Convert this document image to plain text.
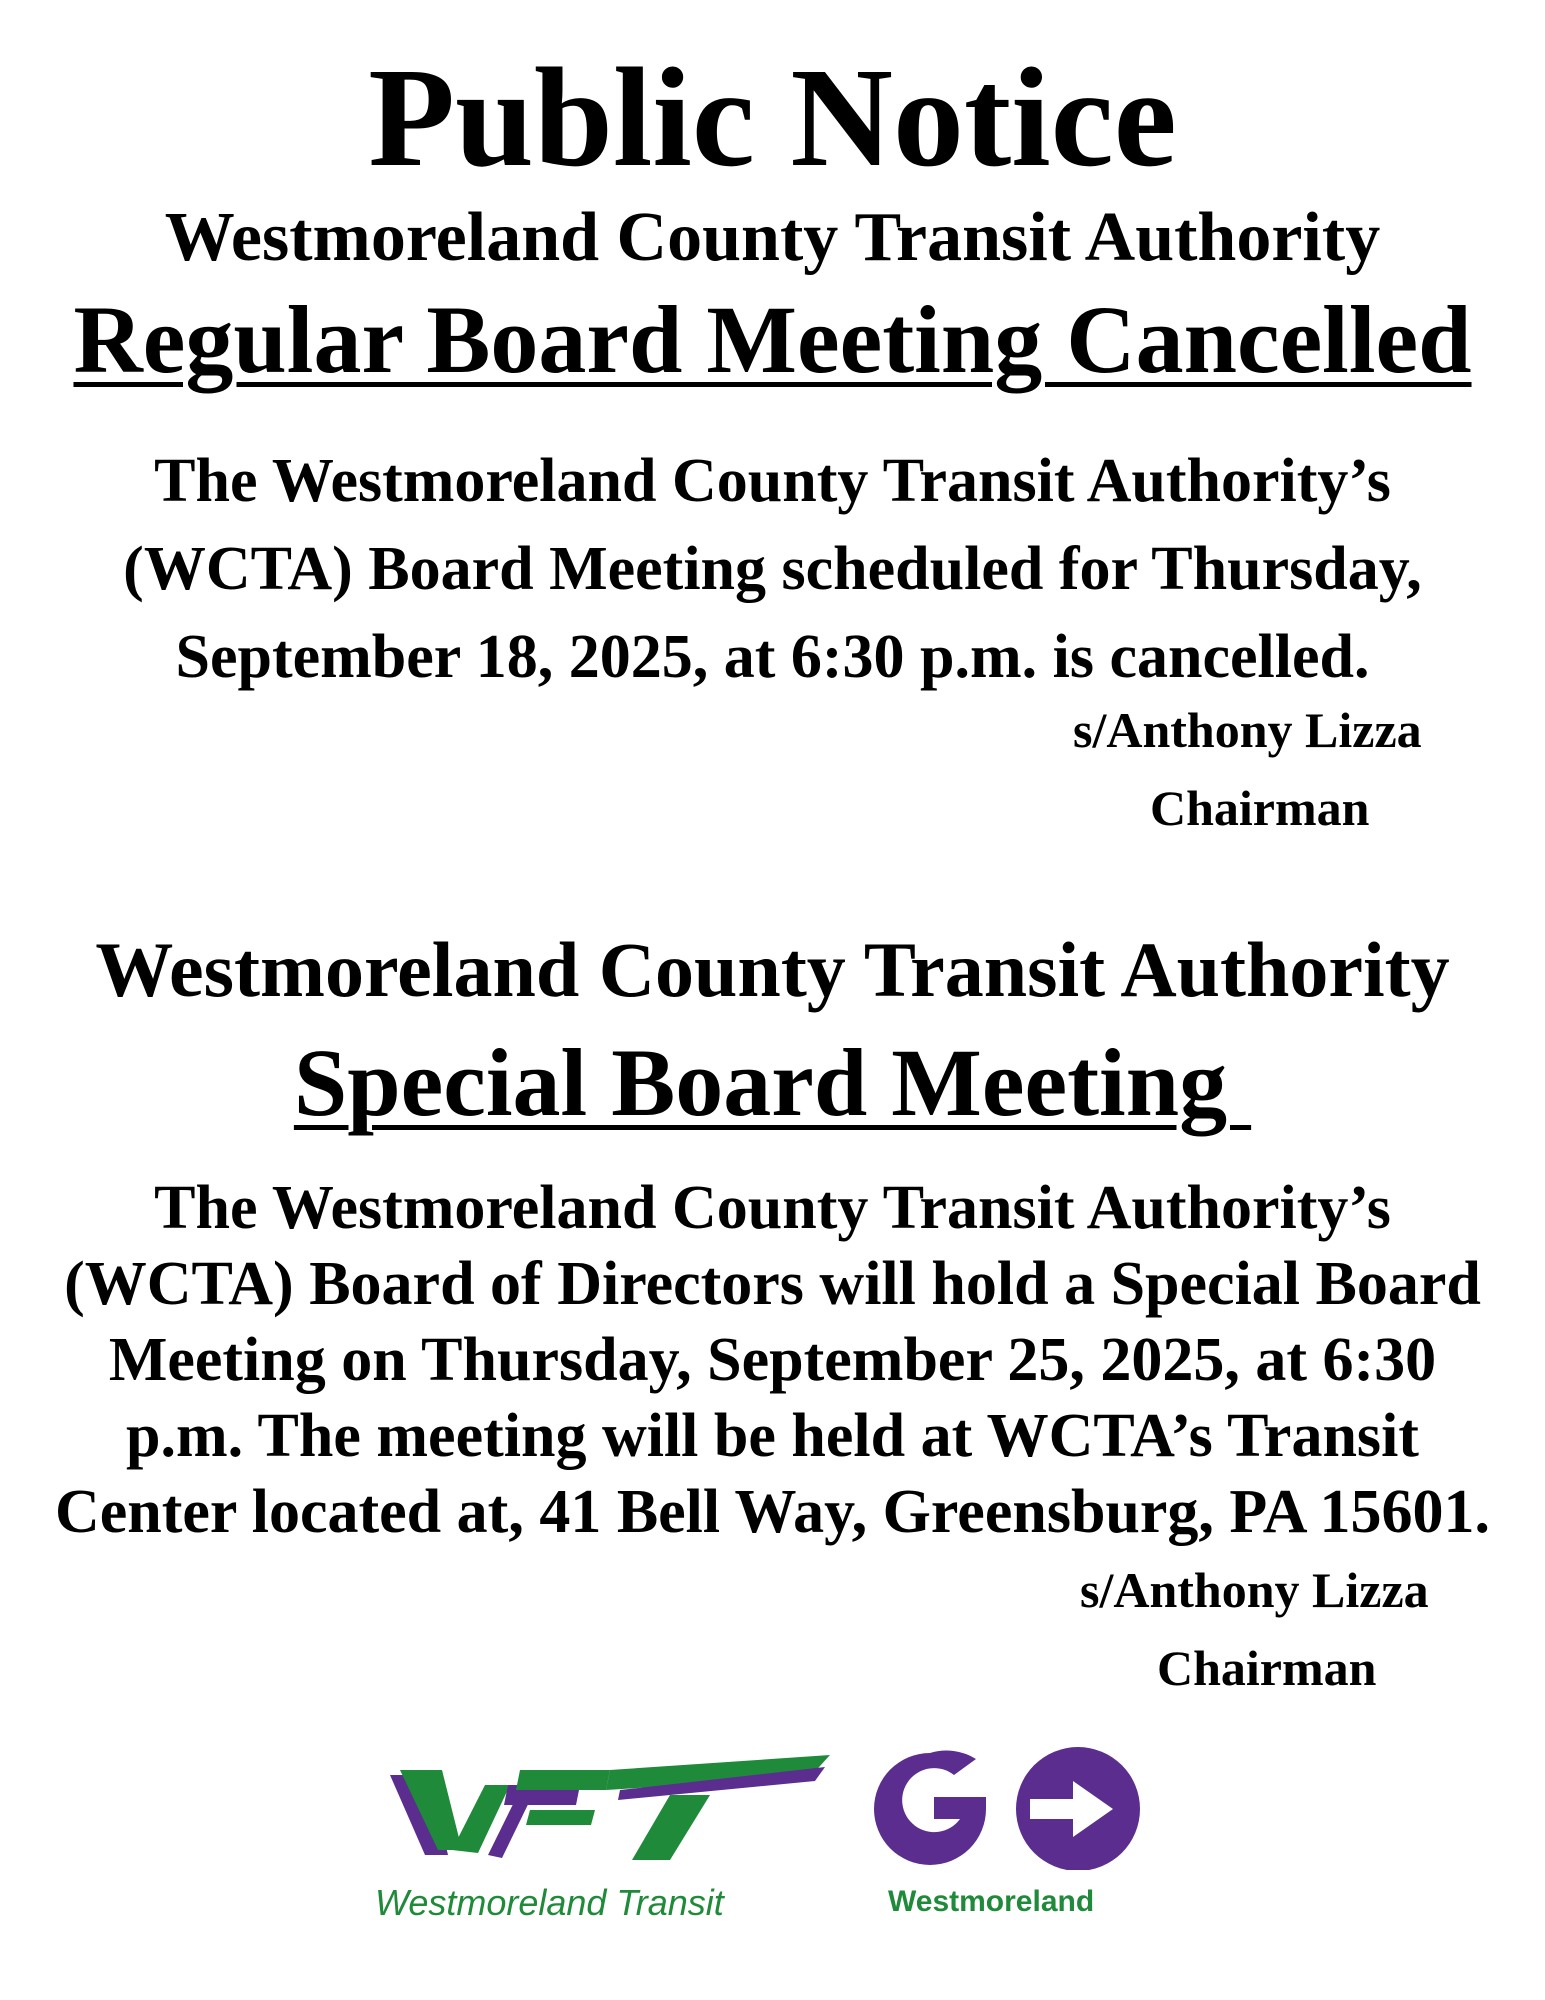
Public Notice
Westmoreland County Transit Authority
Regular Board Meeting Cancelled
The Westmoreland County Transit Authority’s
(WCTA) Board Meeting scheduled for Thursday,
September 18, 2025, at 6:30 p.m. is cancelled.
s/Anthony Lizza
Chairman
Westmoreland County Transit Authority
Special Board Meeting
The Westmoreland County Transit Authority’s
(WCTA) Board of Directors will hold a Special Board
Meeting on Thursday, September 25, 2025, at 6:30
p.m. The meeting will be held at WCTA’s Transit
Center located at, 41 Bell Way, Greensburg, PA 15601.
s/Anthony Lizza
Chairman
Westmoreland Transit	Westmoreland
